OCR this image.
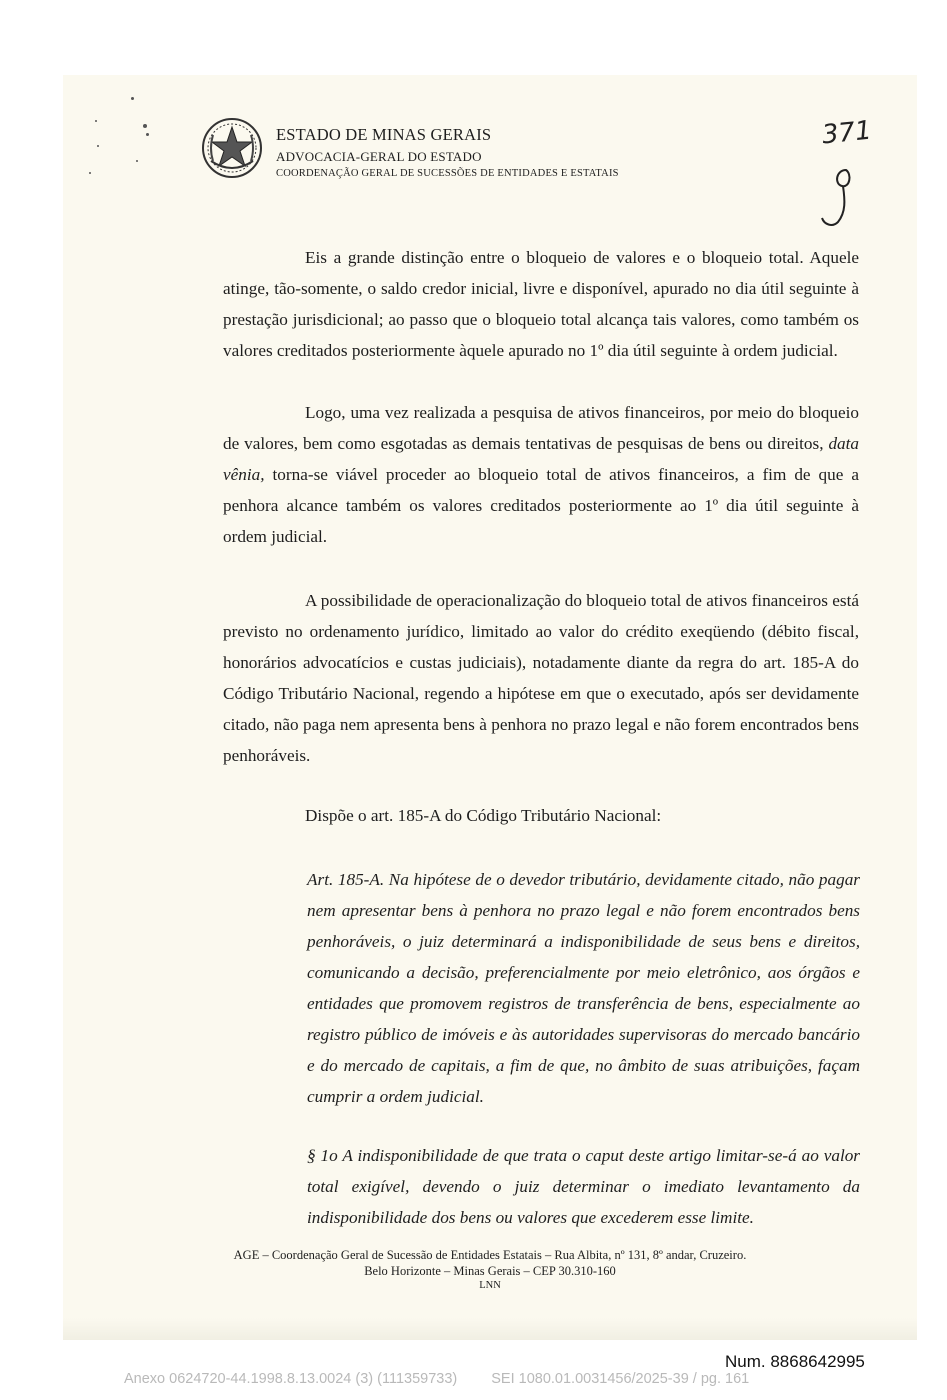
ESTADO DE MINAS GERAIS
ADVOCACIA-GERAL DO ESTADO
COORDENAÇÃO GERAL DE SUCESSÕES DE ENTIDADES E ESTATAIS
371

Eis a grande distinção entre o bloqueio de valores e o bloqueio total. Aquele atinge, tão-somente, o saldo credor inicial, livre e disponível, apurado no dia útil seguinte à prestação jurisdicional; ao passo que o bloqueio total alcança tais valores, como também os valores creditados posteriormente àquele apurado no 1º dia útil seguinte à ordem judicial.

Logo, uma vez realizada a pesquisa de ativos financeiros, por meio do bloqueio de valores, bem como esgotadas as demais tentativas de pesquisas de bens ou direitos, data vênia, torna-se viável proceder ao bloqueio total de ativos financeiros, a fim de que a penhora alcance também os valores creditados posteriormente ao 1º dia útil seguinte à ordem judicial.

A possibilidade de operacionalização do bloqueio total de ativos financeiros está previsto no ordenamento jurídico, limitado ao valor do crédito exeqüendo (débito fiscal, honorários advocatícios e custas judiciais), notadamente diante da regra do art. 185-A do Código Tributário Nacional, regendo a hipótese em que o executado, após ser devidamente citado, não paga nem apresenta bens à penhora no prazo legal e não forem encontrados bens penhoráveis.

Dispõe o art. 185-A do Código Tributário Nacional:

Art. 185-A. Na hipótese de o devedor tributário, devidamente citado, não pagar nem apresentar bens à penhora no prazo legal e não forem encontrados bens penhoráveis, o juiz determinará a indisponibilidade de seus bens e direitos, comunicando a decisão, preferencialmente por meio eletrônico, aos órgãos e entidades que promovem registros de transferência de bens, especialmente ao registro público de imóveis e às autoridades supervisoras do mercado bancário e do mercado de capitais, a fim de que, no âmbito de suas atribuições, façam cumprir a ordem judicial.

§ 1o A indisponibilidade de que trata o caput deste artigo limitar-se-á ao valor total exigível, devendo o juiz determinar o imediato levantamento da indisponibilidade dos bens ou valores que excederem esse limite.

AGE – Coordenação Geral de Sucessão de Entidades Estatais – Rua Albita, nº 131, 8º andar, Cruzeiro.
Belo Horizonte – Minas Gerais – CEP 30.310-160
LNN
Num. 8868642995
Anexo 0624720-44.1998.8.13.0024 (3) (111359733) SEI 1080.01.0031456/2025-39 / pg. 161
